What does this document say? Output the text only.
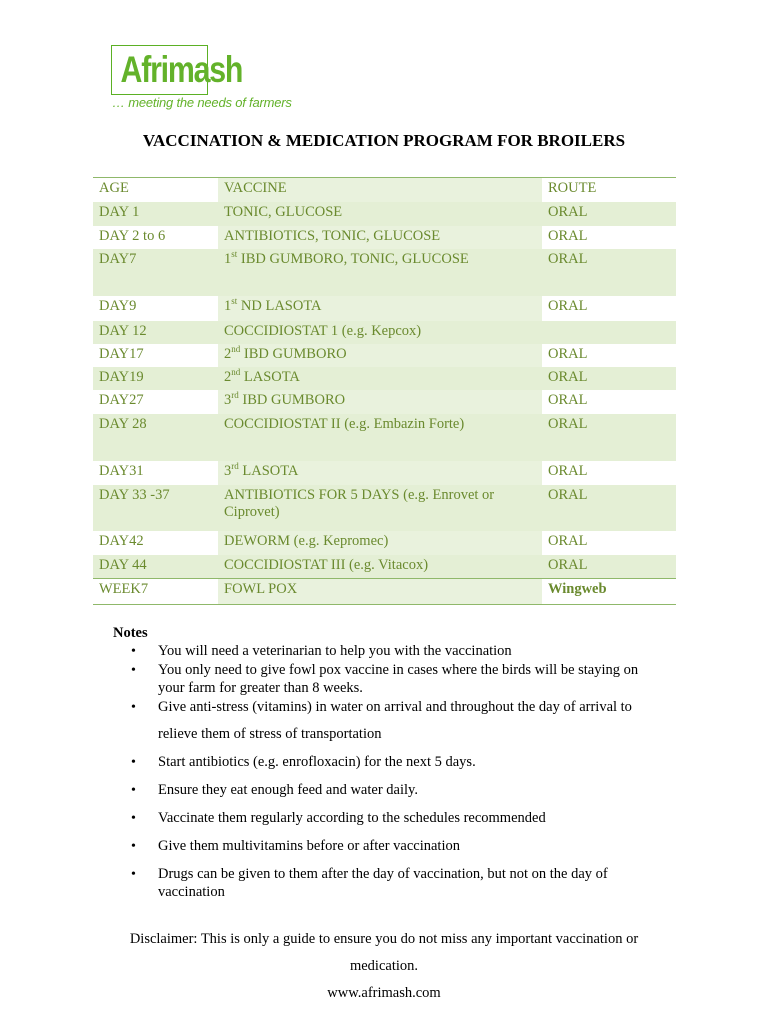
Afrimash
… meeting the needs of farmers
VACCINATION & MEDICATION PROGRAM FOR BROILERS
AGE	VACCINE	ROUTE
DAY 1	TONIC, GLUCOSE	ORAL
DAY 2 to 6	ANTIBIOTICS, TONIC, GLUCOSE	ORAL
DAY7	1st IBD GUMBORO, TONIC, GLUCOSE	ORAL
DAY9	1st ND LASOTA	ORAL
DAY 12	COCCIDIOSTAT 1 (e.g. Kepcox)	
DAY17	2nd IBD GUMBORO	ORAL
DAY19	2nd LASOTA	ORAL
DAY27	3rd IBD GUMBORO	ORAL
DAY 28	COCCIDIOSTAT II (e.g. Embazin Forte)	ORAL
DAY31	3rd LASOTA	ORAL
DAY 33 -37	ANTIBIOTICS FOR 5 DAYS (e.g. Enrovet or Ciprovet)	ORAL
DAY42	DEWORM (e.g. Kepromec)	ORAL
DAY 44	COCCIDIOSTAT III (e.g. Vitacox)	ORAL
WEEK7	FOWL POX	Wingweb
Notes
• You will need a veterinarian to help you with the vaccination
• You only need to give fowl pox vaccine in cases where the birds will be staying on your farm for greater than 8 weeks.
• Give anti-stress (vitamins) in water on arrival and throughout the day of arrival to
relieve them of stress of transportation
• Start antibiotics (e.g. enrofloxacin) for the next 5 days.
• Ensure they eat enough feed and water daily.
• Vaccinate them regularly according to the schedules recommended
• Give them multivitamins before or after vaccination
• Drugs can be given to them after the day of vaccination, but not on the day of vaccination
Disclaimer: This is only a guide to ensure you do not miss any important vaccination or
medication.
www.afrimash.com
